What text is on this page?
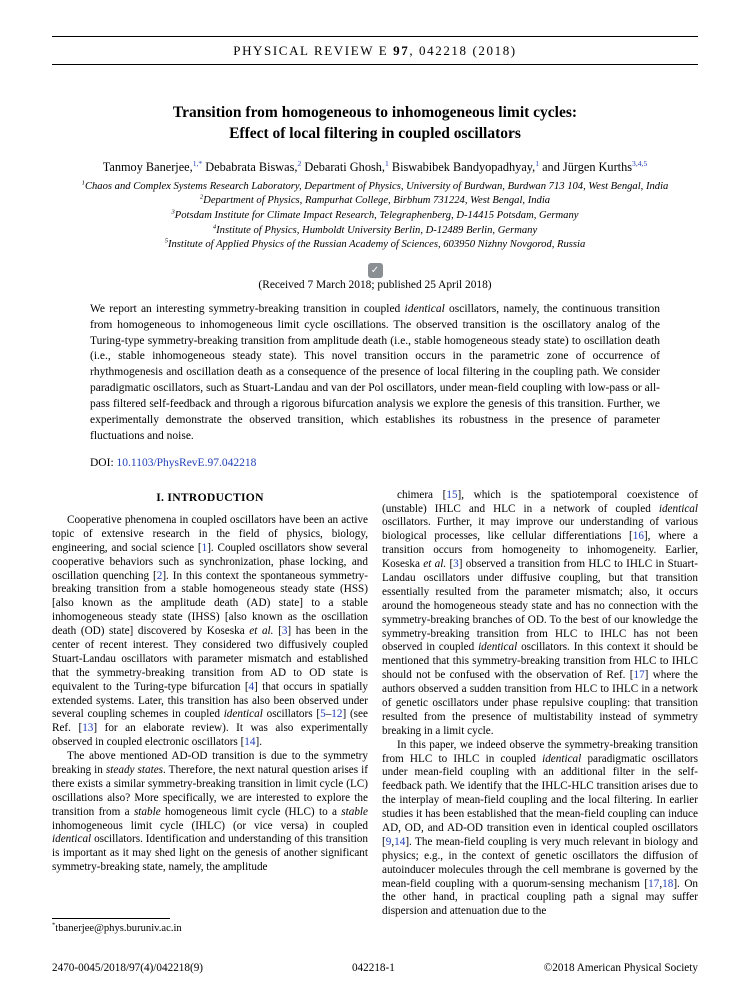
PHYSICAL REVIEW E 97, 042218 (2018)
Transition from homogeneous to inhomogeneous limit cycles:
Effect of local filtering in coupled oscillators
Tanmoy Banerjee,$^{1,*}$ Debabrata Biswas,$^2$ Debarati Ghosh,$^1$ Biswabibek Bandyopadhyay,$^1$ and Jürgen Kurths$^{3,4,5}$
$^1$Chaos and Complex Systems Research Laboratory, Department of Physics, University of Burdwan, Burdwan 713 104, West Bengal, India
$^2$Department of Physics, Rampurhat College, Birbhum 731224, West Bengal, India
$^3$Potsdam Institute for Climate Impact Research, Telegraphenberg, D-14415 Potsdam, Germany
$^4$Institute of Physics, Humboldt University Berlin, D-12489 Berlin, Germany
$^5$Institute of Applied Physics of the Russian Academy of Sciences, 603950 Nizhny Novgorod, Russia
✓
(Received 7 March 2018; published 25 April 2018)
We report an interesting symmetry-breaking transition in coupled identical oscillators, namely, the continuous transition from homogeneous to inhomogeneous limit cycle oscillations. The observed transition is the oscillatory analog of the Turing-type symmetry-breaking transition from amplitude death (i.e., stable homogeneous steady state) to oscillation death (i.e., stable inhomogeneous steady state). This novel transition occurs in the parametric zone of occurrence of rhythmogenesis and oscillation death as a consequence of the presence of local filtering in the coupling path. We consider paradigmatic oscillators, such as Stuart-Landau and van der Pol oscillators, under mean-field coupling with low-pass or all-pass filtered self-feedback and through a rigorous bifurcation analysis we explore the genesis of this transition. Further, we experimentally demonstrate the observed transition, which establishes its robustness in the presence of parameter fluctuations and noise.
DOI: 10.1103/PhysRevE.97.042218
I. INTRODUCTION

Cooperative phenomena in coupled oscillators have been an active topic of extensive research in the field of physics, biology, engineering, and social science [1]. Coupled oscillators show several cooperative behaviors such as synchronization, phase locking, and oscillation quenching [2]. In this context the spontaneous symmetry-breaking transition from a stable homogeneous steady state (HSS) [also known as the amplitude death (AD) state] to a stable inhomogeneous steady state (IHSS) [also known as the oscillation death (OD) state] discovered by Koseska et al. [3] has been in the center of recent interest. They considered two diffusively coupled Stuart-Landau oscillators with parameter mismatch and established that the symmetry-breaking transition from AD to OD state is equivalent to the Turing-type bifurcation [4] that occurs in spatially extended systems. Later, this transition has also been observed under several coupling schemes in coupled identical oscillators [5–12] (see Ref. [13] for an elaborate review). It was also experimentally observed in coupled electronic oscillators [14].

The above mentioned AD-OD transition is due to the symmetry breaking in steady states. Therefore, the next natural question arises if there exists a similar symmetry-breaking transition in limit cycle (LC) oscillations also? More specifically, we are interested to explore the transition from a stable homogeneous limit cycle (HLC) to a stable inhomogeneous limit cycle (IHLC) (or vice versa) in coupled identical oscillators. Identification and understanding of this transition is important as it may shed light on the genesis of another significant symmetry-breaking state, namely, the amplitude

*tbanerjee@phys.buruniv.ac.in

chimera [15], which is the spatiotemporal coexistence of (unstable) IHLC and HLC in a network of coupled identical oscillators. Further, it may improve our understanding of various biological processes, like cellular differentiations [16], where a transition occurs from homogeneity to inhomogeneity. Earlier, Koseska et al. [3] observed a transition from HLC to IHLC in Stuart-Landau oscillators under diffusive coupling, but that transition essentially resulted from the parameter mismatch; also, it occurs around the homogeneous steady state and has no connection with the symmetry-breaking branches of OD. To the best of our knowledge the symmetry-breaking transition from HLC to IHLC has not been observed in coupled identical oscillators. In this context it should be mentioned that this symmetry-breaking transition from HLC to IHLC should not be confused with the observation of Ref. [17] where the authors observed a sudden transition from HLC to IHLC in a network of genetic oscillators under phase repulsive coupling: that transition resulted from the presence of multistability instead of symmetry breaking in a limit cycle.

In this paper, we indeed observe the symmetry-breaking transition from HLC to IHLC in coupled identical paradigmatic oscillators under mean-field coupling with an additional filter in the self-feedback path. We identify that the IHLC-HLC transition arises due to the interplay of mean-field coupling and the local filtering. In earlier studies it has been established that the mean-field coupling can induce AD, OD, and AD-OD transition even in identical coupled oscillators [9,14]. The mean-field coupling is very much relevant in biology and physics; e.g., in the context of genetic oscillators the diffusion of autoinducer molecules through the cell membrane is governed by the mean-field coupling with a quorum-sensing mechanism [17,18]. On the other hand, in practical coupling path a signal may suffer dispersion and attenuation due to the

2470-0045/2018/97(4)/042218(9)	042218-1	©2018 American Physical Society
